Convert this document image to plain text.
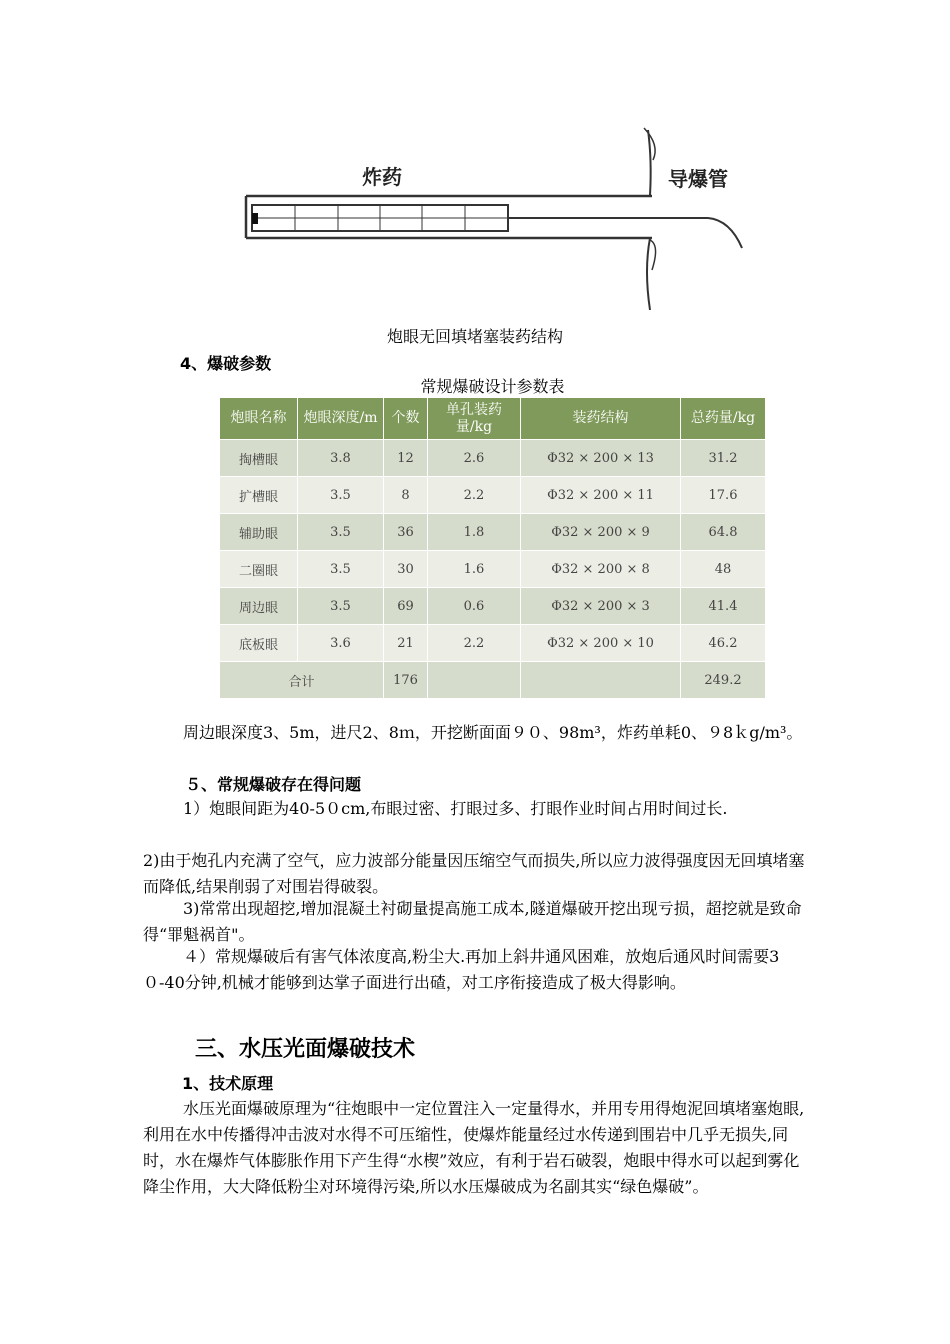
炸药	导爆管
炮眼无回填堵塞装药结构
4、爆破参数
常规爆破设计参数表
炮眼名称	炮眼深度/m	个数	单孔装药量/kg	装药结构	总药量/kg
掏槽眼	3.8	12	2.6	Φ32 × 200 × 13	31.2
扩槽眼	3.5	8	2.2	Φ32 × 200 × 11	17.6
辅助眼	3.5	36	1.8	Φ32 × 200 × 9	64.8
二圈眼	3.5	30	1.6	Φ32 × 200 × 8	48
周边眼	3.5	69	0.6	Φ32 × 200 × 3	41.4
底板眼	3.6	21	2.2	Φ32 × 200 × 10	46.2
合计		176			249.2
周边眼深度3、5m，进尺2、8ｍ，开挖断面面９０、98m³，炸药单耗0、９8ｋg/m³。
５、常规爆破存在得问题
1）炮眼间距为40-5０cm,布眼过密、打眼过多、打眼作业时间占用时间过长.
2)由于炮孔内充满了空气，应力波部分能量因压缩空气而损失,所以应力波得强度因无回填堵塞而降低,结果削弱了对围岩得破裂。
3)常常出现超挖,增加混凝土衬砌量提高施工成本,隧道爆破开挖出现亏损，超挖就是致命得“罪魁祸首"。
４）常规爆破后有害气体浓度高,粉尘大.再加上斜井通风困难，放炮后通风时间需要3０-40分钟,机械才能够到达掌子面进行出碴，对工序衔接造成了极大得影响。
三、水压光面爆破技术
1、技术原理
水压光面爆破原理为“往炮眼中一定位置注入一定量得水，并用专用得炮泥回填堵塞炮眼,利用在水中传播得冲击波对水得不可压缩性，使爆炸能量经过水传递到围岩中几乎无损失,同时，水在爆炸气体膨胀作用下产生得“水楔”效应，有利于岩石破裂，炮眼中得水可以起到雾化降尘作用，大大降低粉尘对环境得污染,所以水压爆破成为名副其实“绿色爆破”。
